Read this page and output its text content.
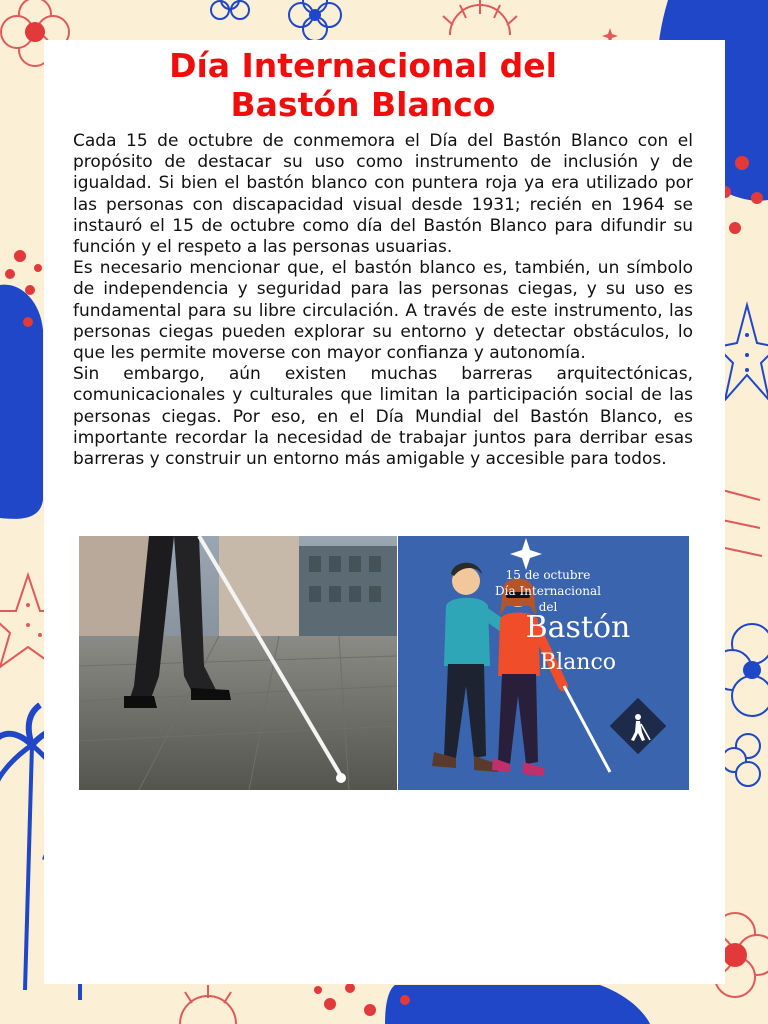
Día Internacional del
Bastón Blanco

Cada 15 de octubre de conmemora el Día del Bastón Blanco con el propósito de destacar su uso como instrumento de inclusión y de igualdad. Si bien el bastón blanco con puntera roja ya era utilizado por las personas con discapacidad visual desde 1931; recién en 1964 se instauró el 15 de octubre como día del Bastón Blanco para difundir su función y el respeto a las personas usuarias.

Es necesario mencionar que, el bastón blanco es, también, un símbolo de independencia y seguridad para las personas ciegas, y su uso es fundamental para su libre circulación. A través de este instrumento, las personas ciegas pueden explorar su entorno y detectar obstáculos, lo que les permite moverse con mayor confianza y autonomía.

Sin embargo, aún existen muchas barreras arquitectónicas, comunicacionales y culturales que limitan la participación social de las personas ciegas. Por eso, en el Día Mundial del Bastón Blanco, es importante recordar la necesidad de trabajar juntos para derribar esas barreras y construir un entorno más amigable y accesible para todos.

15 de octubre
Día Internacional
del
Bastón
Blanco
